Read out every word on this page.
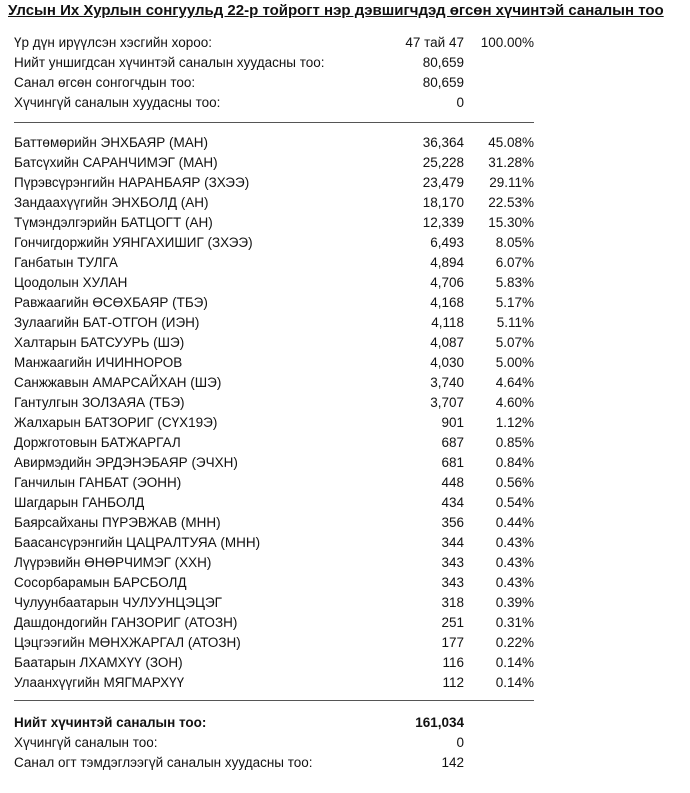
Улсын Их Хурлын сонгуульд 22-р тойрогт нэр дэвшигчдэд өгсөн хүчинтэй саналын тоо
Үр дүн ирүүлсэн хэсгийн хороо:	47 тай 47 100.00%
Нийт уншигдсан хүчинтэй саналын хуудасны тоо:	80,659
Санал өгсөн сонгогчдын тоо:	80,659
Хүчингүй саналын хуудасны тоо:	0
Баттөмөрийн ЭНХБАЯР (МАН)	36,364 45.08%
Батсүхийн САРАНЧИМЭГ (МАН)	25,228 31.28%
Пүрэвсүрэнгийн НАРАНБАЯР (ЗХЭЭ)	23,479 29.11%
Зандаахүүгийн ЭНХБОЛД (АН)	18,170 22.53%
Түмэндэлгэрийн БАТЦОГТ (АН)	12,339 15.30%
Гончигдоржийн УЯНГАХИШИГ (ЗХЭЭ)	6,493 8.05%
Ганбатын ТУЛГА	4,894 6.07%
Цоодолын ХУЛАН	4,706 5.83%
Равжаагийн ӨСӨХБАЯР (ТБЭ)	4,168 5.17%
Зулаагийн БАТ-ОТГОН (ИЭН)	4,118 5.11%
Халтарын БАТСУУРЬ (ШЭ)	4,087 5.07%
Манжаагийн ИЧИННОРОВ	4,030 5.00%
Санжжавын АМАРСАЙХАН (ШЭ)	3,740 4.64%
Гантулгын ЗОЛЗАЯА (ТБЭ)	3,707 4.60%
Жалхарын БАТЗОРИГ (СҮХ19Э)	901 1.12%
Доржготовын БАТЖАРГАЛ	687 0.85%
Авирмэдийн ЭРДЭНЭБАЯР (ЭЧХН)	681 0.84%
Ганчилын ГАНБАТ (ЭОНН)	448 0.56%
Шагдарын ГАНБОЛД	434 0.54%
Баярсайханы ПҮРЭВЖАВ (МНН)	356 0.44%
Баасансүрэнгийн ЦАЦРАЛТУЯА (МНН)	344 0.43%
Лүүрэвийн ӨНӨРЧИМЭГ (ХХН)	343 0.43%
Сосорбарамын БАРСБОЛД	343 0.43%
Чулуунбаатарын ЧУЛУУНЦЭЦЭГ	318 0.39%
Дашдондогийн ГАНЗОРИГ (АТОЗН)	251 0.31%
Цэцгээгийн МӨНХЖАРГАЛ (АТОЗН)	177 0.22%
Баатарын ЛХАМХҮҮ (ЗОН)	116 0.14%
Улаанхүүгийн МЯГМАРХҮҮ	112 0.14%
Нийт хүчинтэй саналын тоо:	161,034
Хүчингүй саналын тоо:	0
Санал огт тэмдэглээгүй саналын хуудасны тоо:	142
